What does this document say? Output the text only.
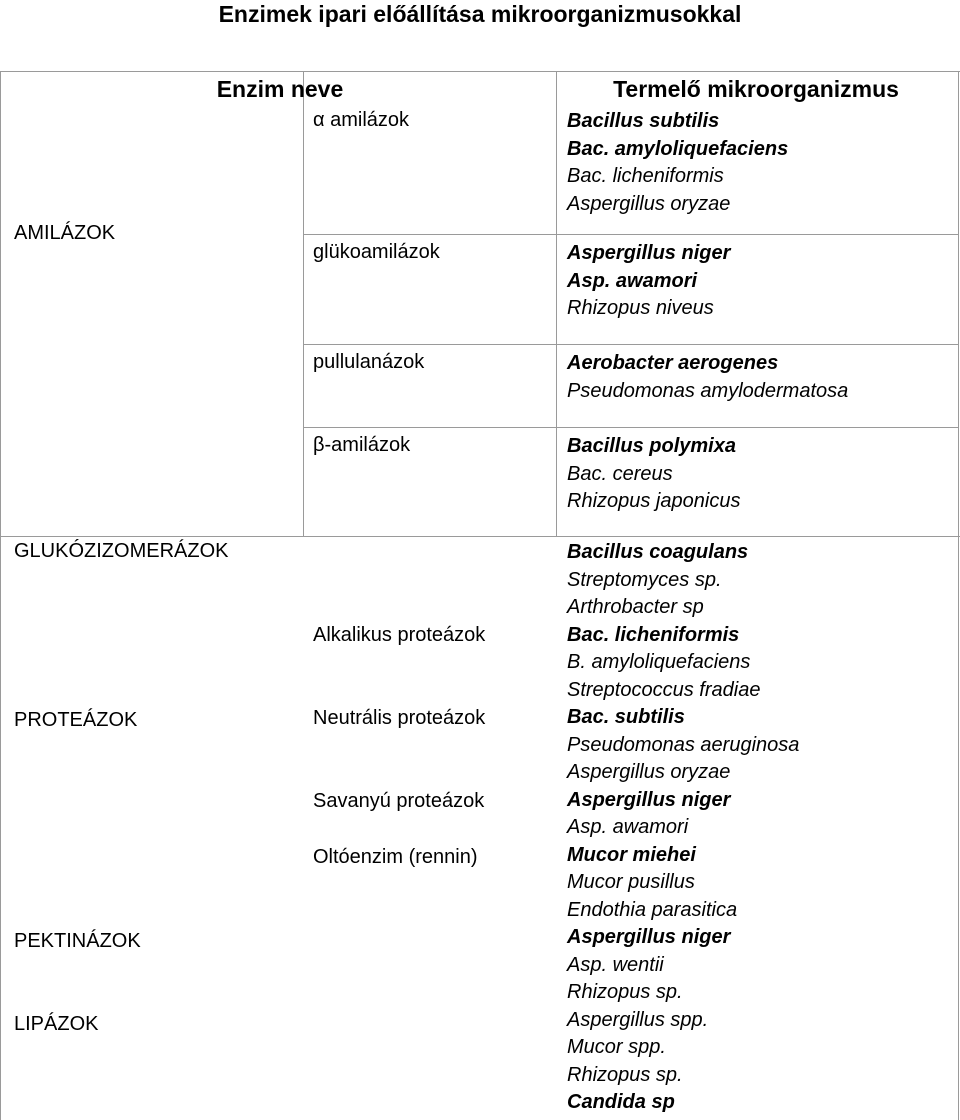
Enzimek ipari előállítása mikroorganizmusokkal
Enzim neve	Termelő mikroorganizmus
AMILÁZOK
GLUKÓZIZOMERÁZOK
PROTEÁZOK
PEKTINÁZOK
LIPÁZOK
α amilázok
glükoamilázok
pullulanázok
β-amilázok
Alkalikus proteázok
Neutrális proteázok
Savanyú proteázok
Oltóenzim (rennin)
Bacillus subtilis
Bac. amyloliquefaciens
Bac. licheniformis
Aspergillus oryzae
Aspergillus niger
Asp. awamori
Rhizopus niveus
Aerobacter aerogenes
Pseudomonas amylodermatosa
Bacillus polymixa
Bac. cereus
Rhizopus japonicus
Bacillus coagulans
Streptomyces sp.
Arthrobacter sp
Bac. licheniformis
B. amyloliquefaciens
Streptococcus fradiae
Bac. subtilis
Pseudomonas aeruginosa
Aspergillus oryzae
Aspergillus niger
Asp. awamori
Mucor miehei
Mucor pusillus
Endothia parasitica
Aspergillus niger
Asp. wentii
Rhizopus sp.
Aspergillus spp.
Mucor spp.
Rhizopus sp.
Candida sp
